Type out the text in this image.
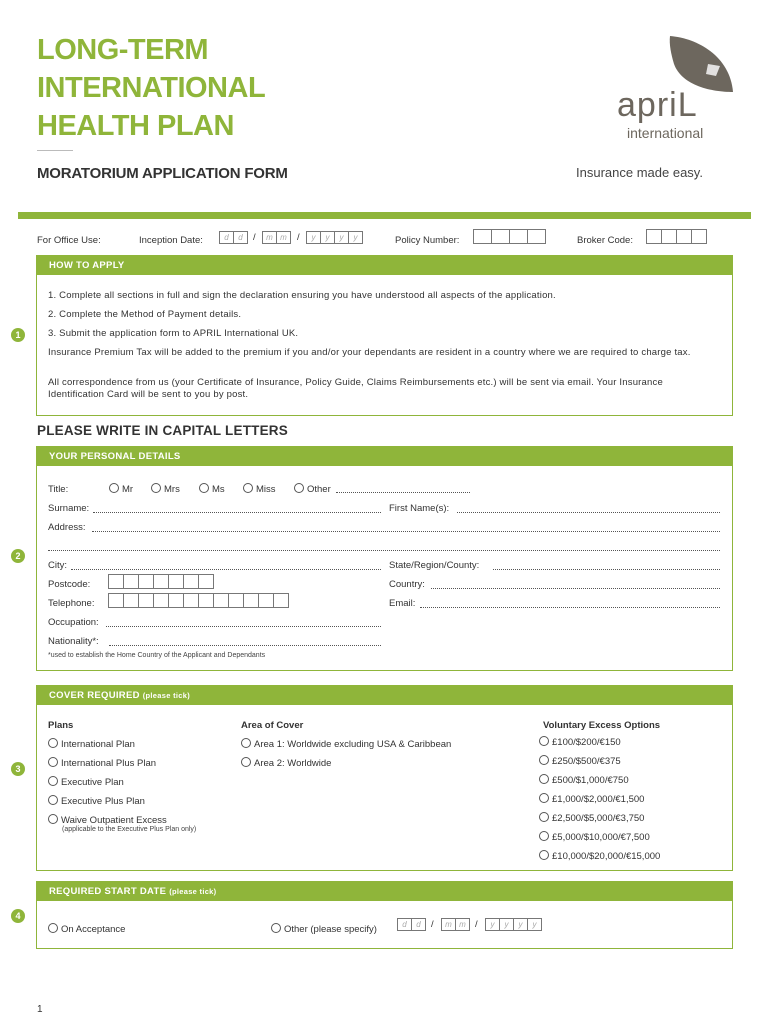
LONG-TERM
INTERNATIONAL
HEALTH PLAN
MORATORIUM APPLICATION FORM
apriL
international
Insurance made easy.
For Office Use:	Inception Date:	d	d	/	m m	/	y	y	y	y	Policy Number:	Broker Code:
1
HOW TO APPLY
1. Complete all sections in full and sign the declaration ensuring you have understood all aspects of the application.
2. Complete the Method of Payment details.
3. Submit the application form to APRIL International UK.
Insurance Premium Tax will be added to the premium if you and/or your dependants are resident in a country where we are required to charge tax.
All correspondence from us (your Certificate of Insurance, Policy Guide, Claims Reimbursements etc.) will be sent via email. Your Insurance Identification Card will be sent to you by post.
PLEASE WRITE IN CAPITAL LETTERS
2
YOUR PERSONAL DETAILS
Title:	Mr	Mrs	Ms	Miss	Other
Surname:	First Name(s):
Address:
City:	State/Region/County:
Postcode:	Country:
Telephone:	Email:
Occupation:
Nationality*:
*used to establish the Home Country of the Applicant and Dependants
3
COVER REQUIRED (please tick)
Plans
International Plan
International Plus Plan
Executive Plan
Executive Plus Plan
Waive Outpatient Excess
(applicable to the Executive Plus Plan only)
Area of Cover
Area 1: Worldwide excluding USA & Caribbean
Area 2: Worldwide
Voluntary Excess Options
£100/$200/€150
£250/$500/€375
£500/$1,000/€750
£1,000/$2,000/€1,500
£2,500/$5,000/€3,750
£5,000/$10,000/€7,500
£10,000/$20,000/€15,000
4
REQUIRED START DATE (please tick)
On Acceptance	Other (please specify)	d	d	/	m m /	y	y	y	y
1
